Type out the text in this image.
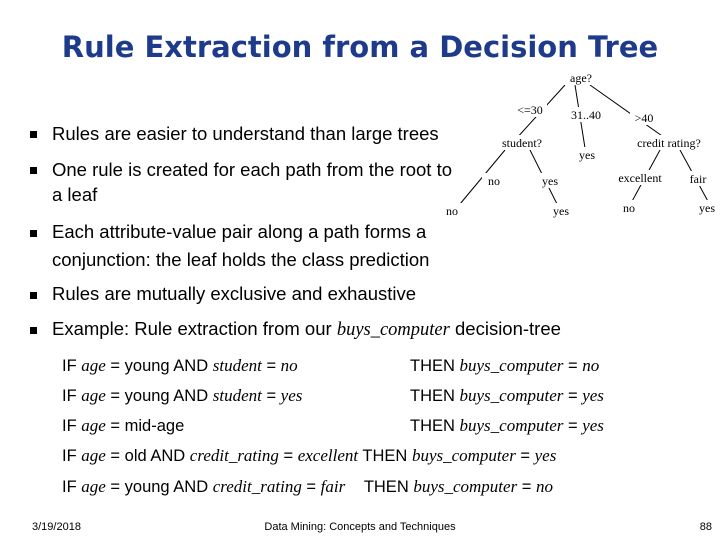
Rule Extraction from a Decision Tree
age?
<=30 31..40	>40
student?
yes
credit rating?
no	yes	excellent fair
no	yes	no	yes
Rules are easier to understand than large trees
One rule is created for each path from the root to
a leaf
Each attribute-value pair along a path forms a
conjunction: the leaf holds the class prediction
Rules are mutually exclusive and exhaustive
Example: Rule extraction from our buys_computer decision-tree
IF age = young AND student = no	THEN buys_computer = no
IF age = young AND student = yes	THEN buys_computer = yes
IF age = mid-age	THEN buys_computer = yes
IF age = old AND credit_rating = excellent THEN buys_computer = yes
IF age = young AND credit_rating = fair THEN buys_computer = no
3/19/2018	Data Mining: Concepts and Techniques	88
